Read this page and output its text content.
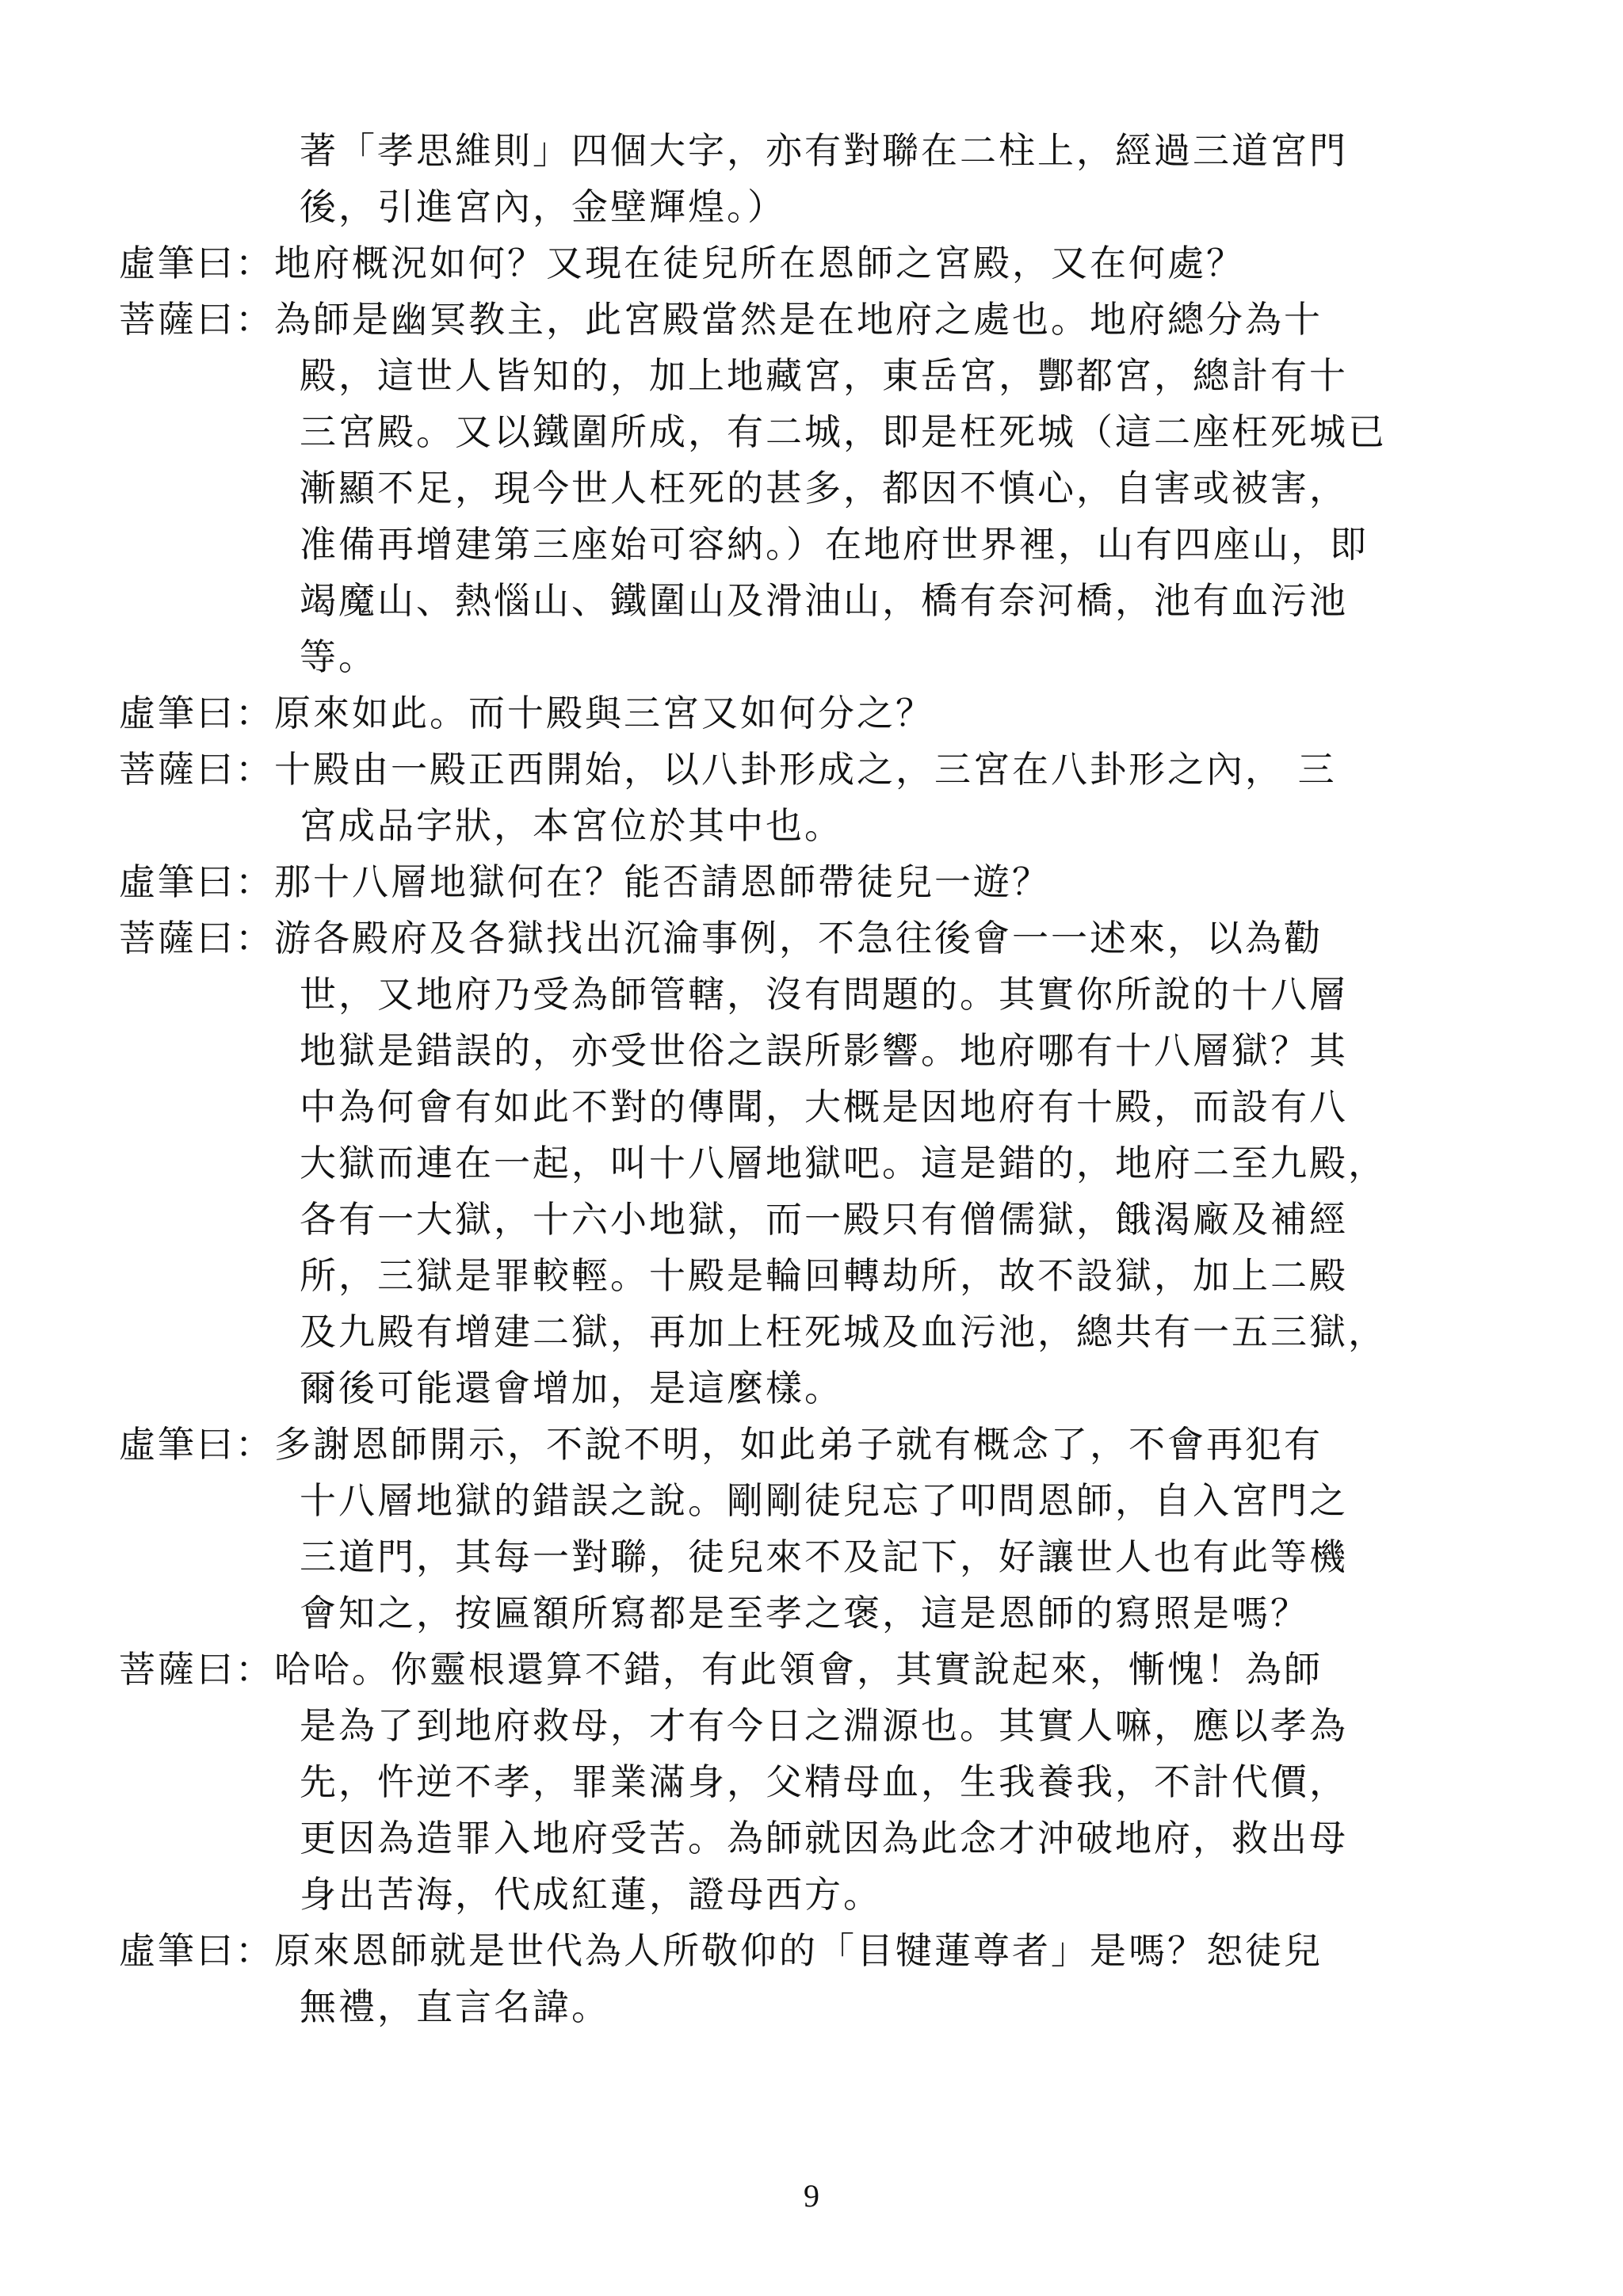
著「孝思維則」四個大字，亦有對聯在二柱上，經過三道宮門
後，引進宮內，金壁輝煌。）
虛筆曰：地府概況如何？又現在徒兒所在恩師之宮殿，又在何處？
菩薩曰：為師是幽冥教主，此宮殿當然是在地府之處也。地府總分為十
殿，這世人皆知的，加上地藏宮，東岳宮，酆都宮，總計有十
三宮殿。又以鐵圍所成，有二城，即是枉死城（這二座枉死城已
漸顯不足，現今世人枉死的甚多，都因不慎心，自害或被害，
准備再增建第三座始可容納。）在地府世界裡，山有四座山，即
竭魔山、熱惱山、鐵圍山及滑油山，橋有奈河橋，池有血污池
等。
虛筆曰：原來如此。而十殿與三宮又如何分之？
菩薩曰：十殿由一殿正西開始，以八卦形成之，三宮在八卦形之內， 三
宮成品字狀，本宮位於其中也。
虛筆曰：那十八層地獄何在？能否請恩師帶徒兒一遊？
菩薩曰：游各殿府及各獄找出沉淪事例，不急往後會一一述來，以為勸
世，又地府乃受為師管轄，沒有問題的。其實你所說的十八層
地獄是錯誤的，亦受世俗之誤所影響。地府哪有十八層獄？其
中為何會有如此不對的傳聞，大概是因地府有十殿，而設有八
大獄而連在一起，叫十八層地獄吧。這是錯的，地府二至九殿，
各有一大獄，十六小地獄，而一殿只有僧儒獄，餓渴廠及補經
所，三獄是罪較輕。十殿是輪回轉劫所，故不設獄，加上二殿
及九殿有增建二獄，再加上枉死城及血污池，總共有一五三獄，
爾後可能還會增加，是這麼樣。
虛筆曰：多謝恩師開示，不說不明，如此弟子就有概念了，不會再犯有
十八層地獄的錯誤之說。剛剛徒兒忘了叩問恩師，自入宮門之
三道門，其每一對聯，徒兒來不及記下，好讓世人也有此等機
會知之，按匾額所寫都是至孝之褒，這是恩師的寫照是嗎？
菩薩曰：哈哈。你靈根還算不錯，有此領會，其實說起來，慚愧！為師
是為了到地府救母，才有今日之淵源也。其實人嘛，應以孝為
先，忤逆不孝，罪業滿身，父精母血，生我養我，不計代價，
更因為造罪入地府受苦。為師就因為此念才沖破地府，救出母
身出苦海，代成紅蓮，證母西方。
虛筆曰：原來恩師就是世代為人所敬仰的「目犍蓮尊者」是嗎？恕徒兒
無禮，直言名諱。
9
